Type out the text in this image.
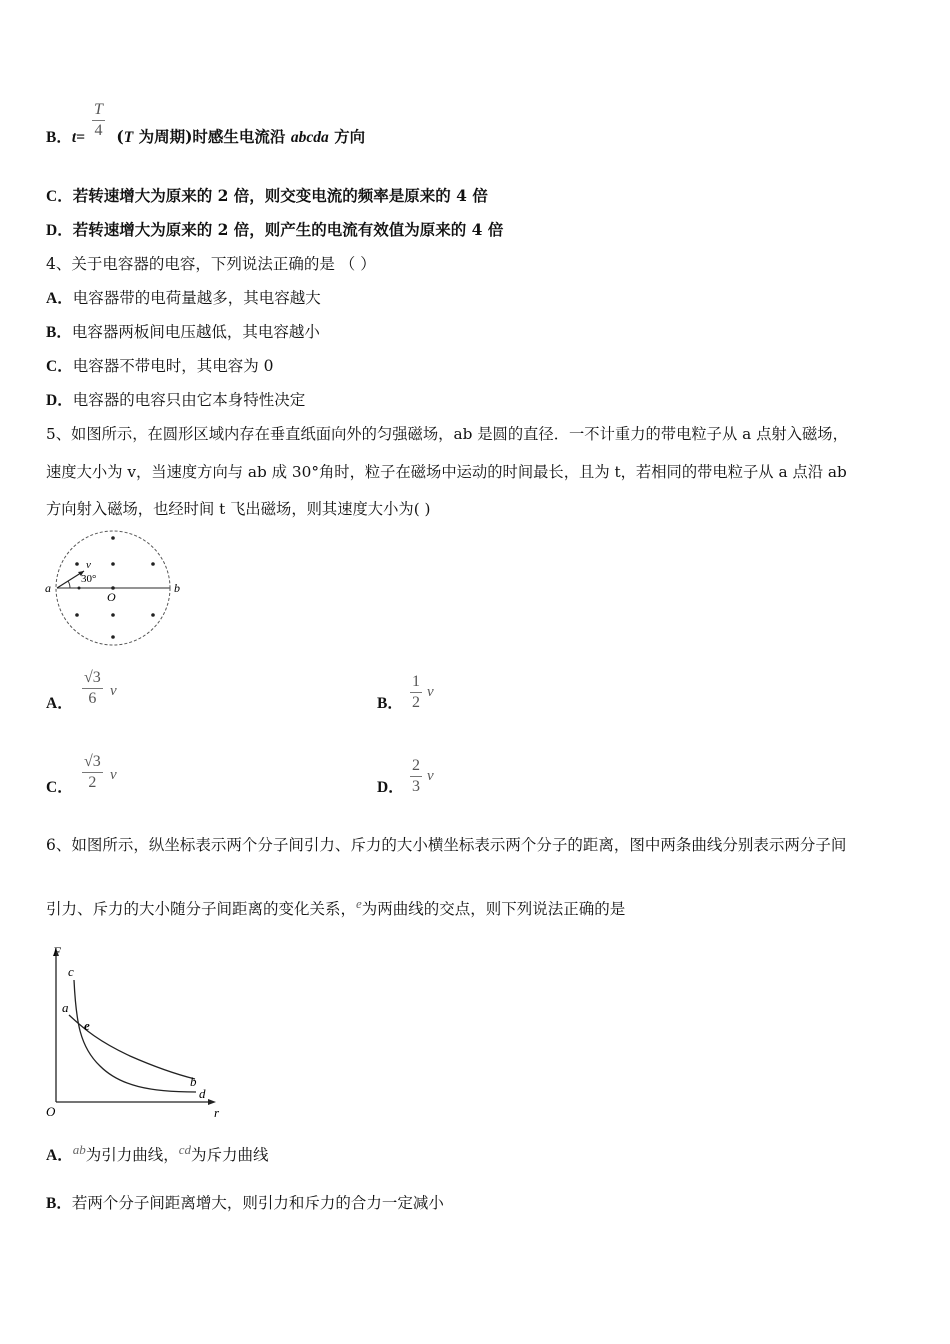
$\frac{T}{4}$
B．t= (T 为周期)时感生电流沿 abcda 方向
C．若转速增大为原来的 2 倍，则交变电流的频率是原来的 4 倍
D．若转速增大为原来的 2 倍，则产生的电流有效值为原来的 4 倍
4、关于电容器的电容，下列说法正确的是 （ ）
A．电容器带的电荷量越多，其电容越大
B．电容器两板间电压越低，其电容越小
C．电容器不带电时，其电容为 0
D．电容器的电容只由它本身特性决定
5、如图所示，在圆形区域内存在垂直纸面向外的匀强磁场，ab 是圆的直径．一不计重力的带电粒子从 a 点射入磁场，
速度大小为 v，当速度方向与 ab 成 30°角时，粒子在磁场中运动的时间最长，且为 t，若相同的带电粒子从 a 点沿 ab
方向射入磁场，也经时间 t 飞出磁场，则其速度大小为( )
a	b
O
v
30°
A． $\frac{√3}{6}$ v
B． $\frac{1}{2}$ v
C． $\frac{√3}{2}$ v
D． $\frac{2}{3}$ v
6、如图所示，纵坐标表示两个分子间引力、斥力的大小横坐标表示两个分子的距离，图中两条曲线分别表示两分子间
引力、斥力的大小随分子间距离的变化关系，$^e$为两曲线的交点，则下列说法正确的是
F
r
O
a
b
c
d
e
A．$^{ab}$为引力曲线，$^{cd}$为斥力曲线
B．若两个分子间距离增大，则引力和斥力的合力一定减小
